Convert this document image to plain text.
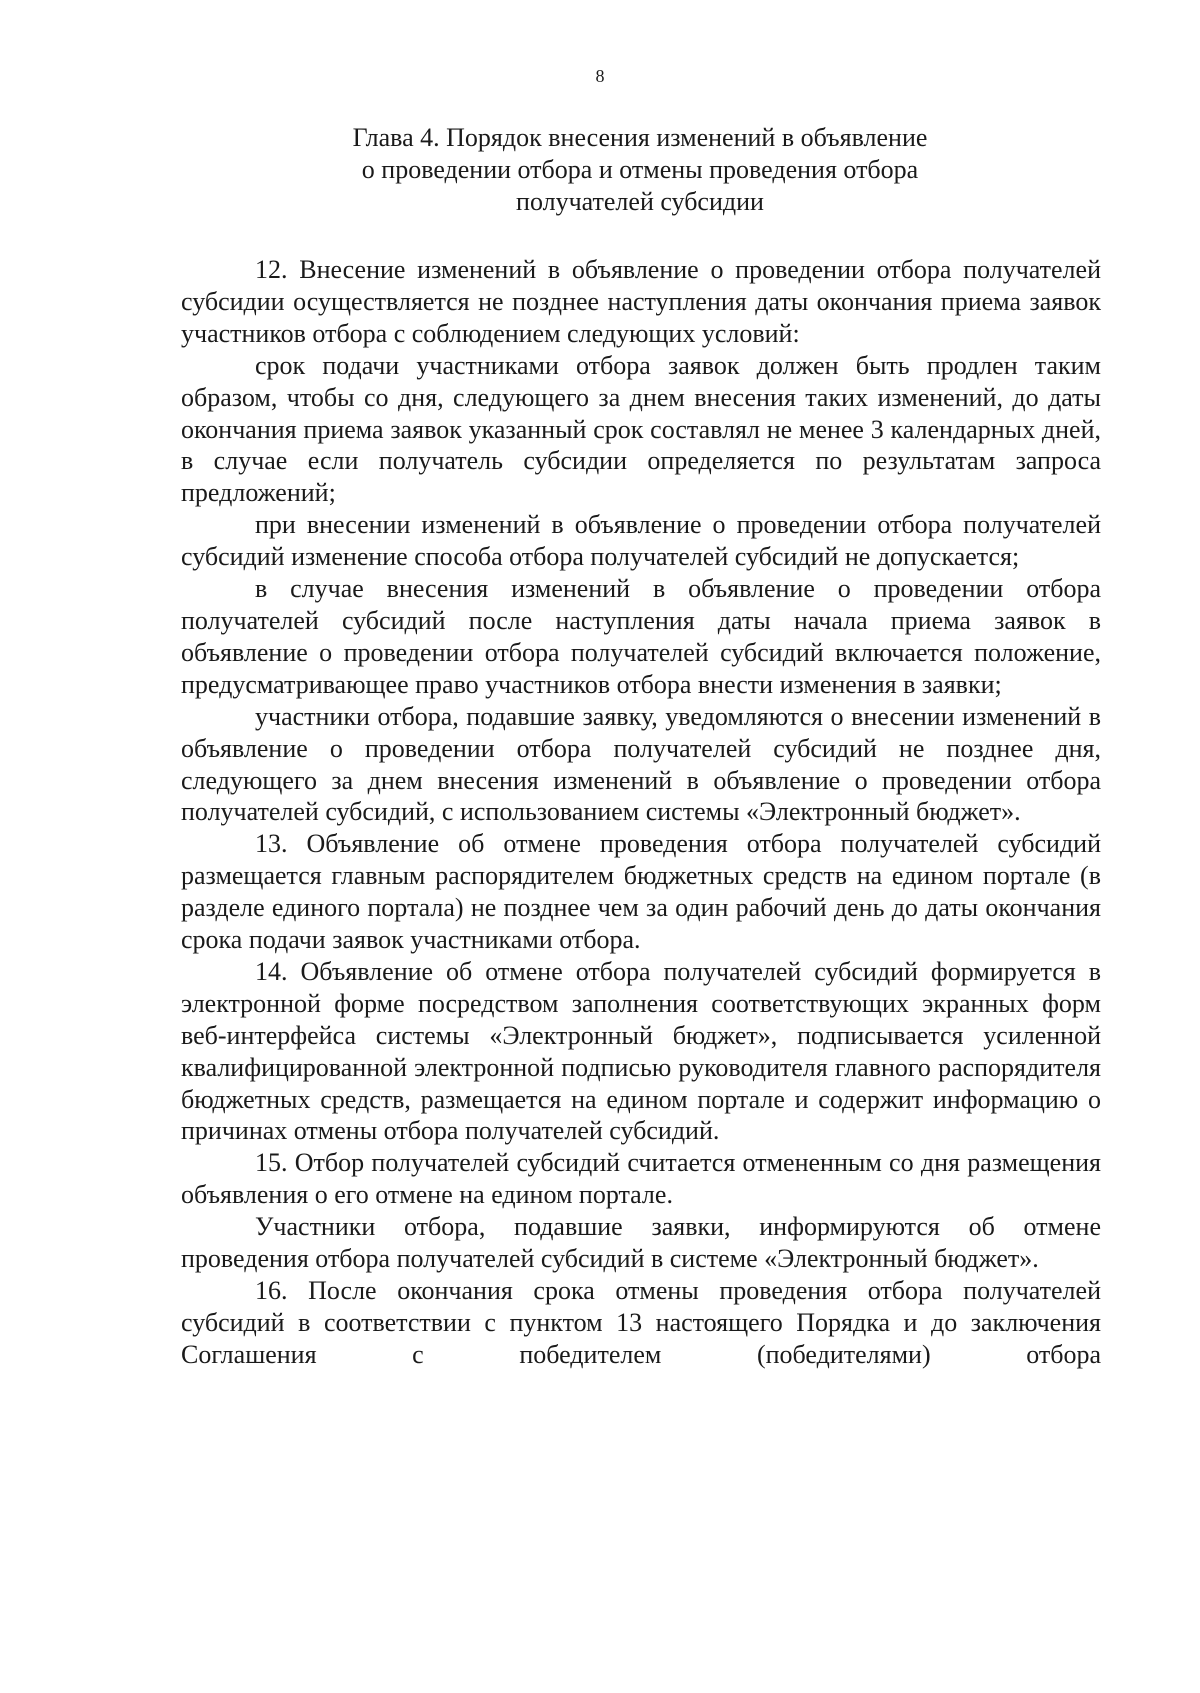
8
Глава 4. Порядок внесения изменений в объявление
о проведении отбора и отмены проведения отбора
получателей субсидии

12. Внесение изменений в объявление о проведении отбора получателей субсидии осуществляется не позднее наступления даты окончания приема заявок участников отбора с соблюдением следующих условий:

срок подачи участниками отбора заявок должен быть продлен таким образом, чтобы со дня, следующего за днем внесения таких изменений, до даты окончания приема заявок указанный срок составлял не менее 3 календарных дней, в случае если получатель субсидии определяется по результатам запроса предложений;

при внесении изменений в объявление о проведении отбора получателей субсидий изменение способа отбора получателей субсидий не допускается;

в случае внесения изменений в объявление о проведении отбора получателей субсидий после наступления даты начала приема заявок в объявление о проведении отбора получателей субсидий включается положение, предусматривающее право участников отбора внести изменения в заявки;

участники отбора, подавшие заявку, уведомляются о внесении изменений в объявление о проведении отбора получателей субсидий не позднее дня, следующего за днем внесения изменений в объявление о проведении отбора получателей субсидий, с использованием системы «Электронный бюджет».

13. Объявление об отмене проведения отбора получателей субсидий размещается главным распорядителем бюджетных средств на едином портале (в разделе единого портала) не позднее чем за один рабочий день до даты окончания срока подачи заявок участниками отбора.

14. Объявление об отмене отбора получателей субсидий формируется в электронной форме посредством заполнения соответствующих экранных форм веб-интерфейса системы «Электронный бюджет», подписывается усиленной квалифицированной электронной подписью руководителя главного распорядителя бюджетных средств, размещается на едином портале и содержит информацию о причинах отмены отбора получателей субсидий.

15. Отбор получателей субсидий считается отмененным со дня размещения объявления о его отмене на едином портале.

Участники отбора, подавшие заявки, информируются об отмене проведения отбора получателей субсидий в системе «Электронный бюджет».

16. После окончания срока отмены проведения отбора получателей субсидий в соответствии с пунктом 13 настоящего Порядка и до заключения Соглашения с победителем (победителями) отбора
